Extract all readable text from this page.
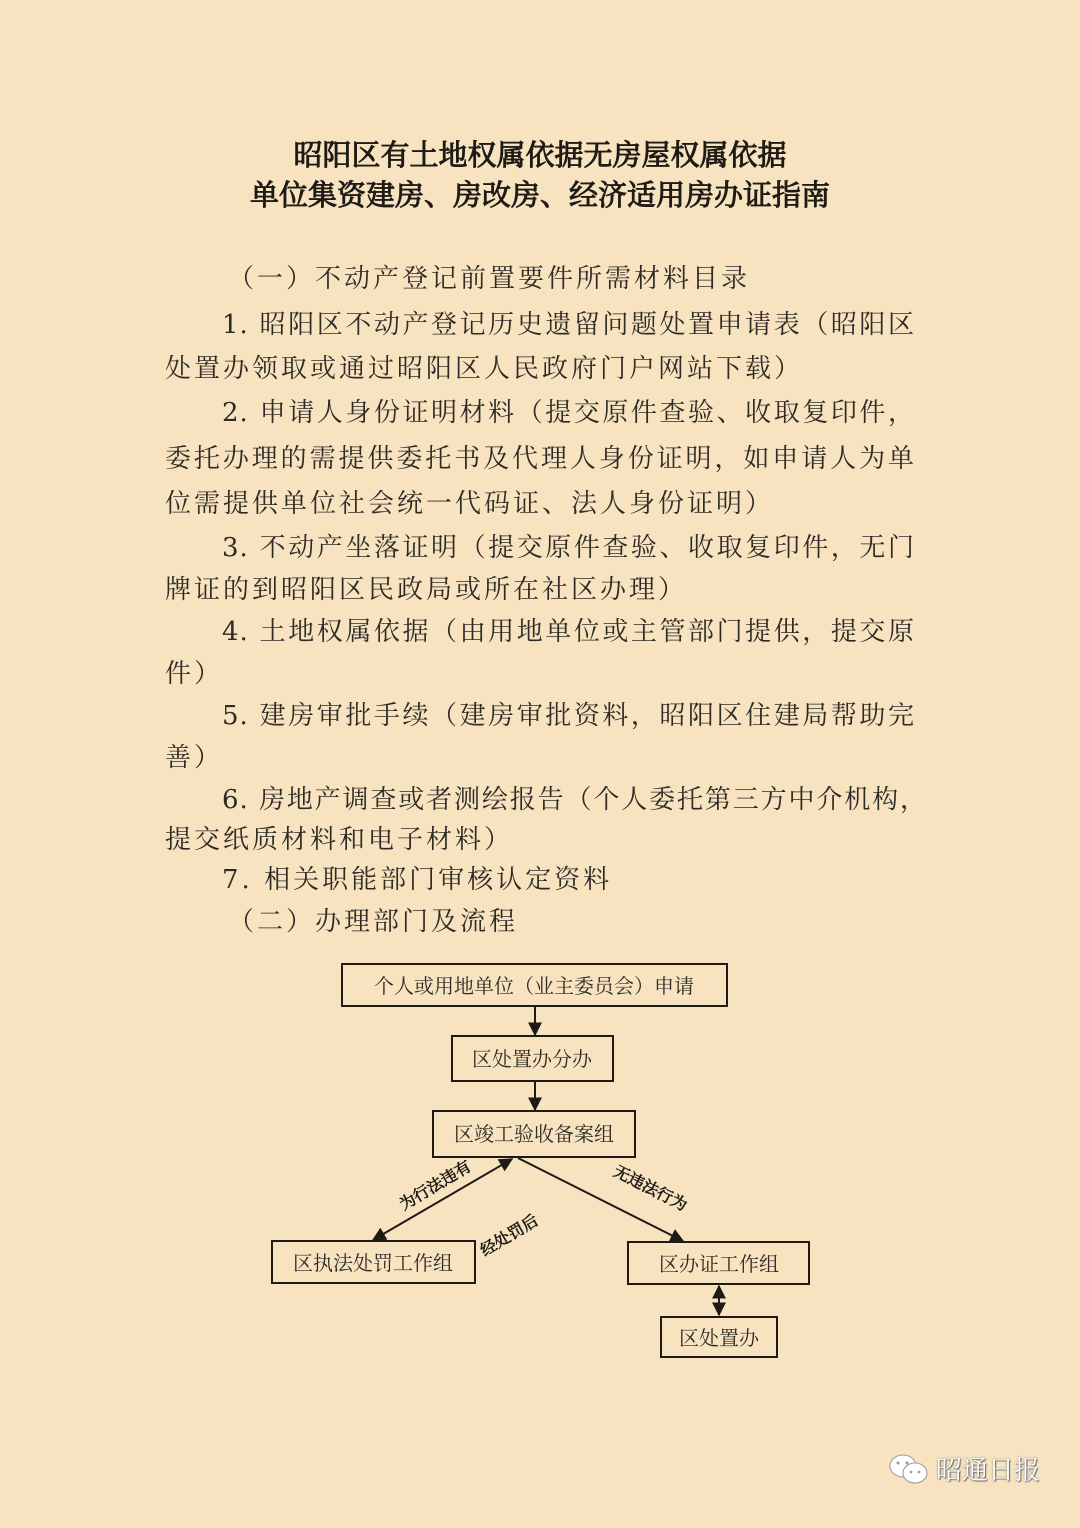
昭阳区有土地权属依据无房屋权属依据
单位集资建房、房改房、经济适用房办证指南
（一）不动产登记前置要件所需材料目录
1. 昭阳区不动产登记历史遗留问题处置申请表（昭阳区
处置办领取或通过昭阳区人民政府门户网站下载）
2. 申请人身份证明材料（提交原件查验、收取复印件，
委托办理的需提供委托书及代理人身份证明，如申请人为单
位需提供单位社会统一代码证、法人身份证明）
3. 不动产坐落证明（提交原件查验、收取复印件，无门
牌证的到昭阳区民政局或所在社区办理）
4. 土地权属依据（由用地单位或主管部门提供，提交原
件）
5. 建房审批手续（建房审批资料，昭阳区住建局帮助完
善）
6. 房地产调查或者测绘报告（个人委托第三方中介机构，
提交纸质材料和电子材料）
7. 相关职能部门审核认定资料
（二）办理部门及流程
个人或用地单位（业主委员会）申请
区处置办分办
区竣工验收备案组
区执法处罚工作组	区办证工作组
区处置办
为行法违有
经处罚后
无违法行为
昭通日报
